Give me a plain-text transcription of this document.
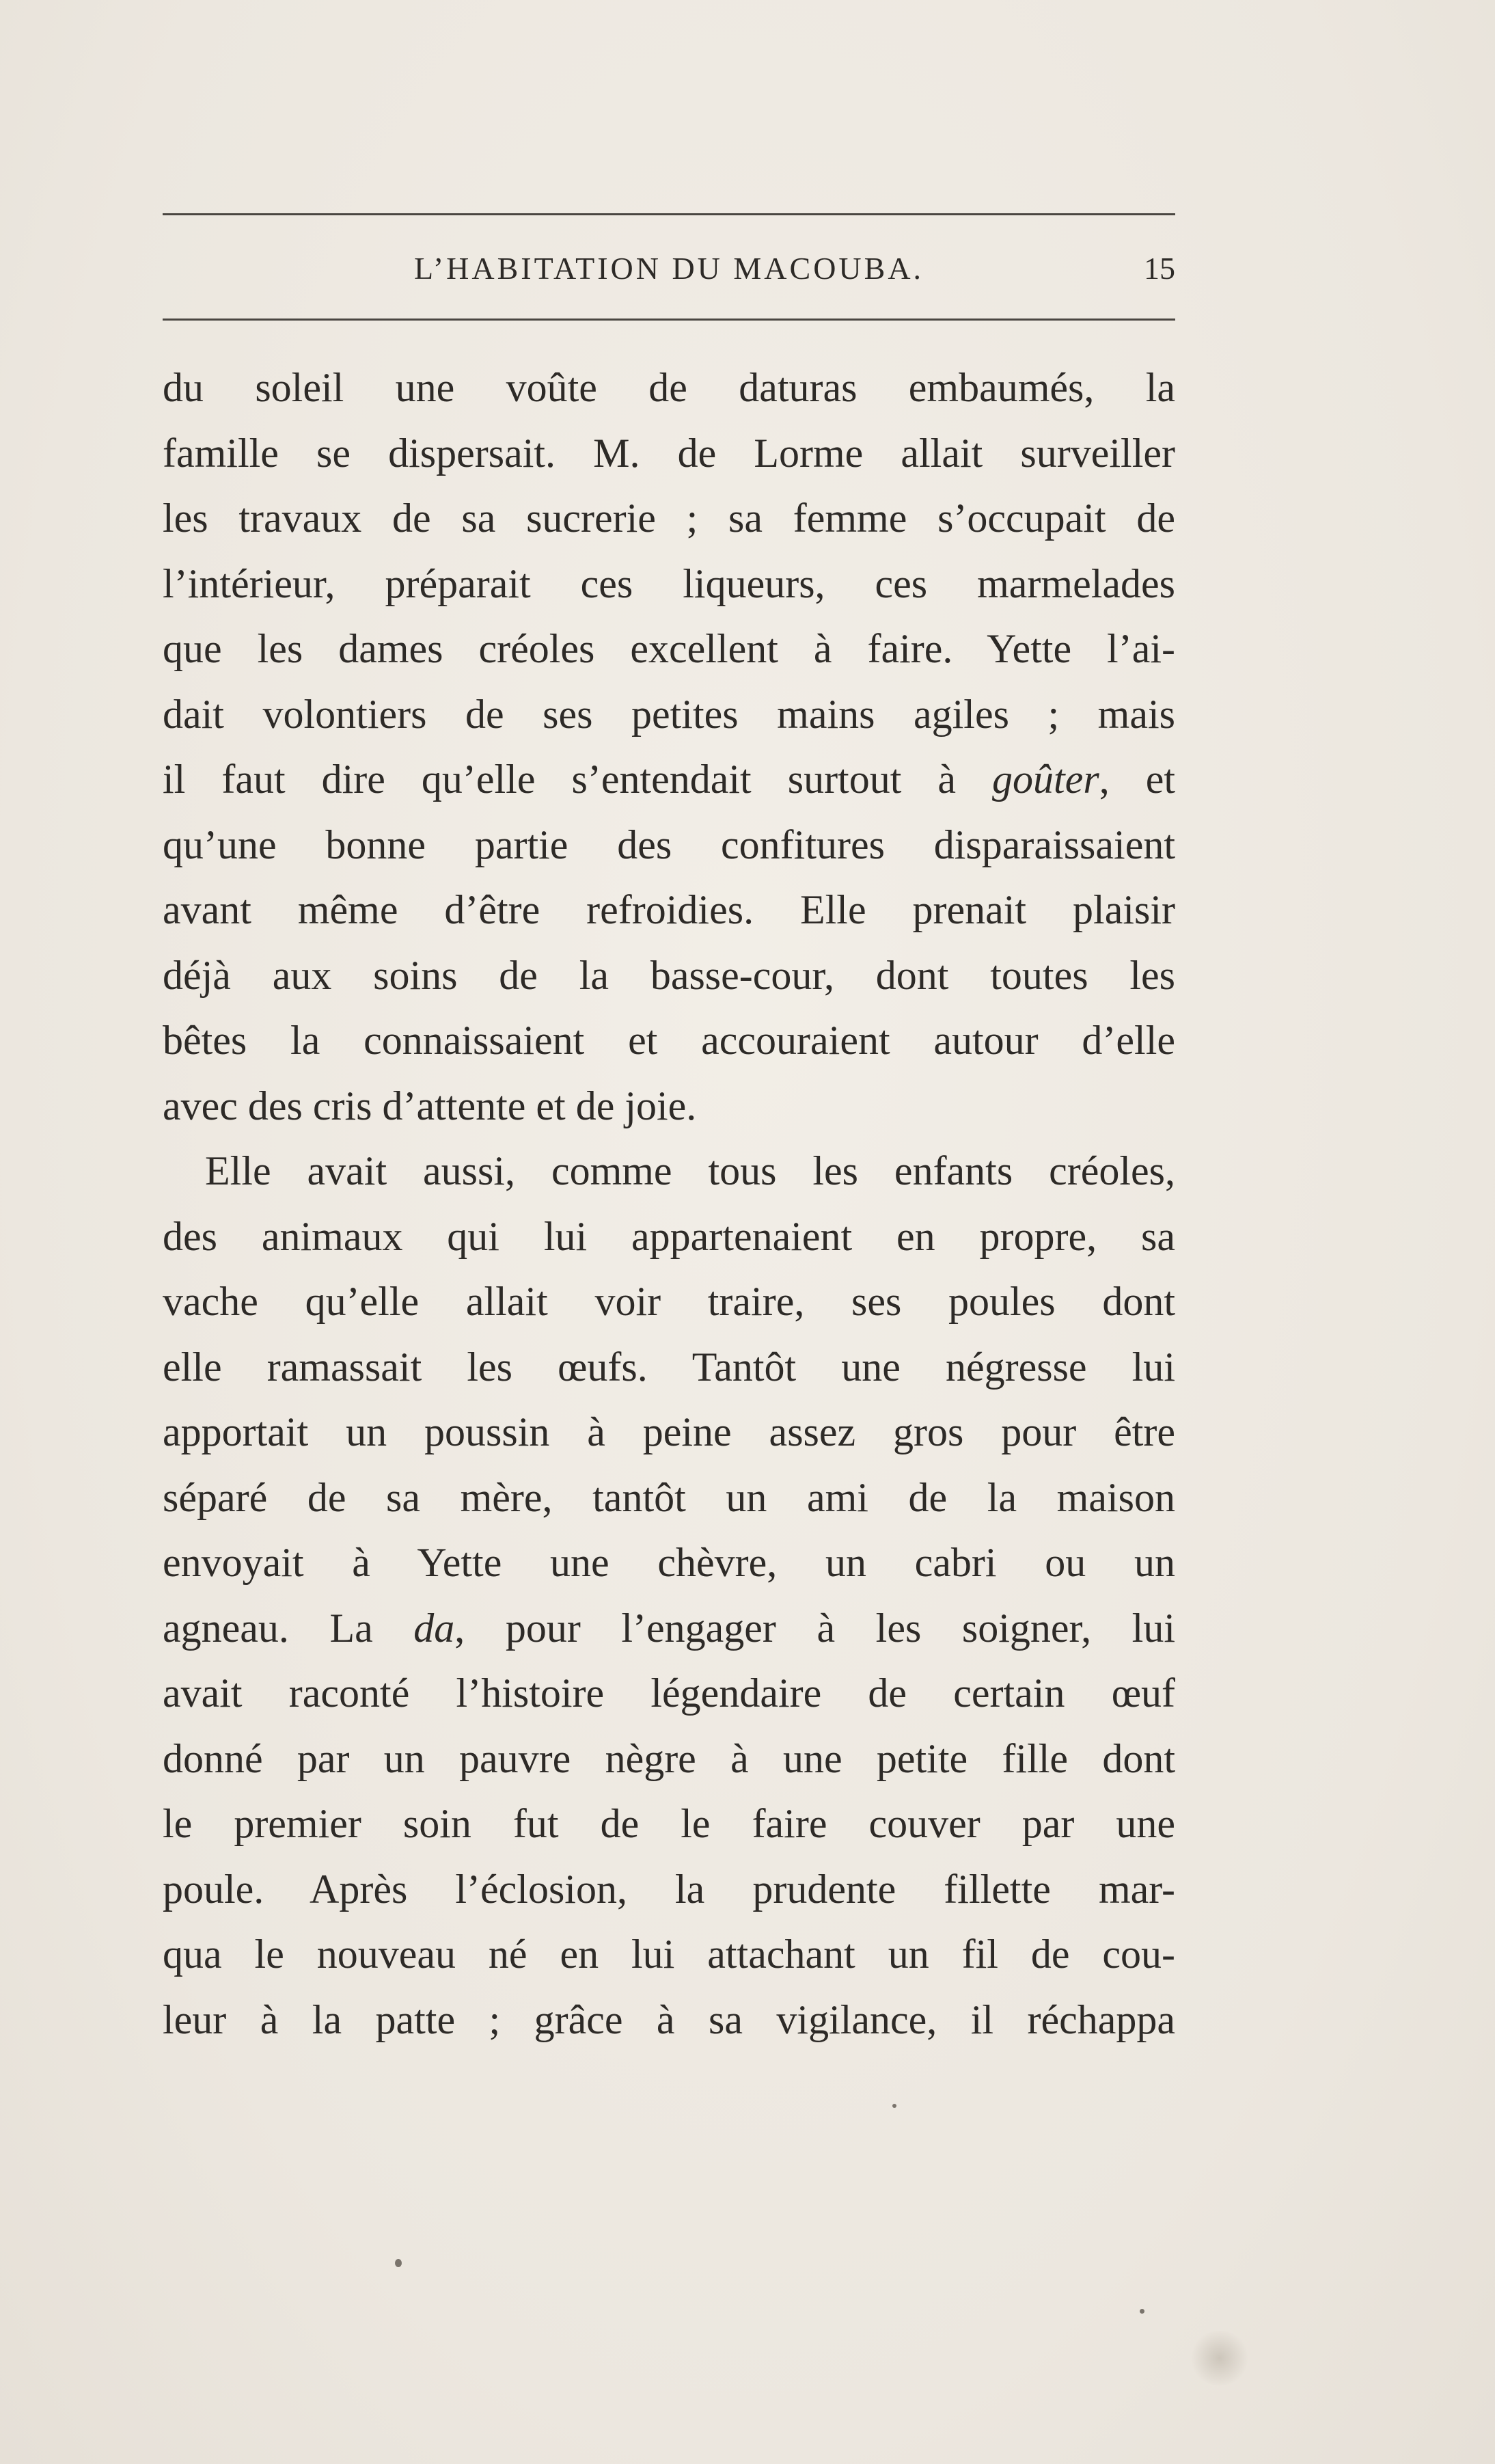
L’HABITATION DU MACOUBA.	15
du soleil une voûte de daturas embaumés, la
famille se dispersait. M. de Lorme allait surveiller
les travaux de sa sucrerie ; sa femme s’occupait de
l’intérieur, préparait ces liqueurs, ces marmelades
que les dames créoles excellent à faire. Yette l’ai-
dait volontiers de ses petites mains agiles ; mais
il faut dire qu’elle s’entendait surtout à goûter, et
qu’une bonne partie des confitures disparaissaient
avant même d’être refroidies. Elle prenait plaisir
déjà aux soins de la basse-cour, dont toutes les
bêtes la connaissaient et accouraient autour d’elle
avec des cris d’attente et de joie.
Elle avait aussi, comme tous les enfants créoles,
des animaux qui lui appartenaient en propre, sa
vache qu’elle allait voir traire, ses poules dont
elle ramassait les œufs. Tantôt une négresse lui
apportait un poussin à peine assez gros pour être
séparé de sa mère, tantôt un ami de la maison
envoyait à Yette une chèvre, un cabri ou un
agneau. La da, pour l’engager à les soigner, lui
avait raconté l’histoire légendaire de certain œuf
donné par un pauvre nègre à une petite fille dont
le premier soin fut de le faire couver par une
poule. Après l’éclosion, la prudente fillette mar-
qua le nouveau né en lui attachant un fil de cou-
leur à la patte ; grâce à sa vigilance, il réchappa
